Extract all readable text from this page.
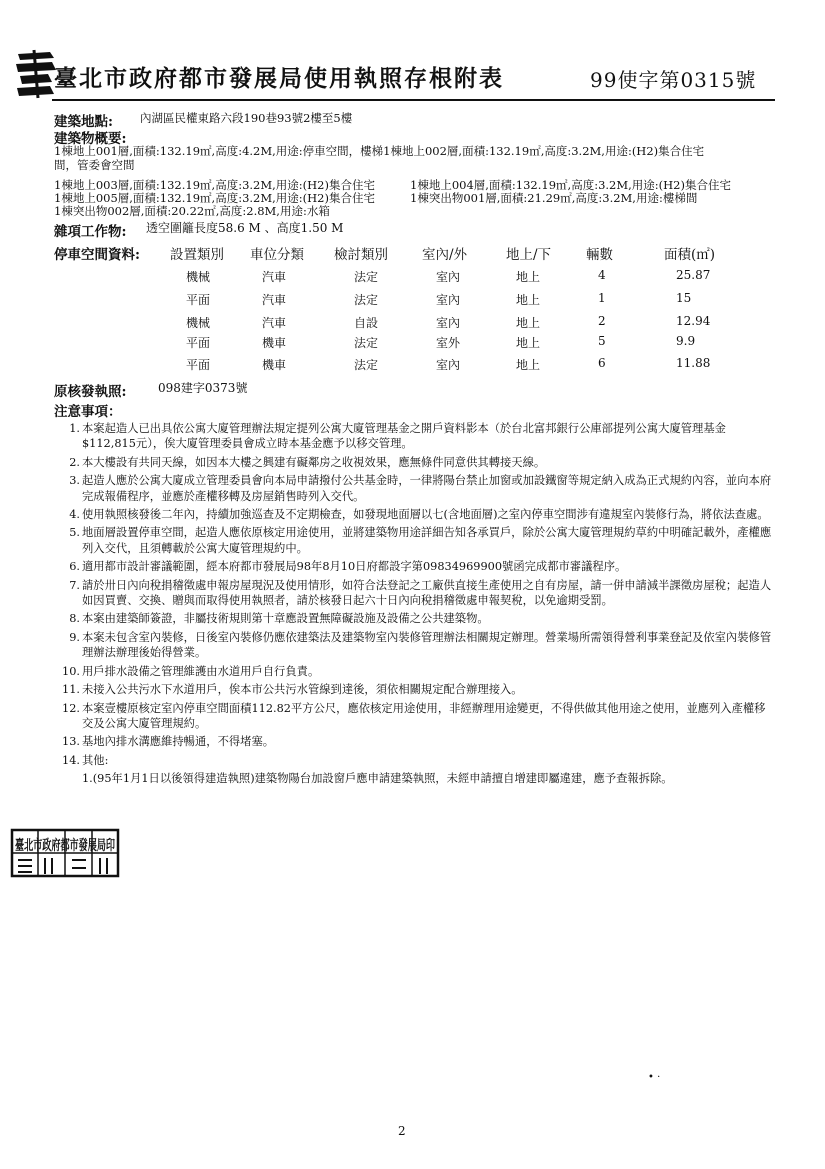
臺北市政府都市發展局使用執照存根附表	99使字第0315號
建築地點: 內湖區民權東路六段190巷93號2樓至5樓
建築物概要:
1棟地上001層,面積:132.19㎡,高度:4.2M,用途:停車空間，樓梯1棟地上002層,面積:132.19㎡,高度:3.2M,用途:(H2)集合住宅
間，管委會空間
1棟地上003層,面積:132.19㎡,高度:3.2M,用途:(H2)集合住宅	1棟地上004層,面積:132.19㎡,高度:3.2M,用途:(H2)集合住宅
1棟地上005層,面積:132.19㎡,高度:3.2M,用途:(H2)集合住宅	1棟突出物001層,面積:21.29㎡,高度:3.2M,用途:樓梯間
1棟突出物002層,面積:20.22㎡,高度:2.8M,用途:水箱
雜項工作物: 透空圍籬長度58.6 M 、高度1.50 M
停車空間資料: 設置類別 車位分類 檢討類別	室內/外	地上/下	輛數	面積(㎡)
機械	汽車	法定	室內	地上	4	25.87
平面	汽車	法定	室內	地上	1	15
機械	汽車	自設	室內	地上	2	12.94
平面	機車	法定	室外	地上	5	9.9
平面	機車	法定	室內	地上	6	11.88
原核發執照:	098建字0373號
注意事項：
1. 本案起造人已出具依公寓大廈管理辦法規定提列公寓大廈管理基金之開戶資料影本（於台北富邦銀行公庫部提列公寓大廈管理基金$112,815元），俟大廈管理委員會成立時本基金應予以移交管理。
2. 本大樓設有共同天線，如因本大樓之興建有礙鄰房之收視效果，應無條件同意供其轉接天線。
3. 起造人應於公寓大廈成立管理委員會向本局申請撥付公共基金時，一律將陽台禁止加窗或加設鐵窗等規定納入成為正式規約內容，並向本府完成報備程序，並應於產權移轉及房屋銷售時列入交代。
4. 使用執照核發後二年內，持續加強巡查及不定期檢查，如發現地面層以七(含地面層)之室內停車空間涉有違規室內裝修行為，將依法查處。
5. 地面層設置停車空間，起造人應依原核定用途使用，並將建築物用途詳細告知各承買戶，除於公寓大廈管理規約草約中明確記載外，產權應列入交代，且須轉載於公寓大廈管理規約中。
6. 適用都市設計審議範圍，經本府都市發展局98年8月10日府都設字第09834969900號函完成都市審議程序。
7. 請於卅日內向稅捐稽徵處申報房屋現況及使用情形，如符合法登記之工廠供直接生產使用之自有房屋，請一併申請減半課徵房屋稅；起造人如因買賣、交換、贈與而取得使用執照者，請於核發日起六十日內向稅捐稽徵處申報契稅，以免逾期受罰。
8. 本案由建築師簽證，非屬技術規則第十章應設置無障礙設施及設備之公共建築物。
9. 本案未包含室內裝修，日後室內裝修仍應依建築法及建築物室內裝修管理辦法相關規定辦理。營業場所需領得營利事業登記及依室內裝修管理辦法辦理後始得營業。
10. 用戶排水設備之管理維護由水道用戶自行負責。
11. 未接入公共污水下水道用戶，俟本市公共污水管線到達後，須依相關規定配合辦理接入。
12. 本案壹樓原核定室內停車空間面積112.82平方公尺，應依核定用途使用，非經辦理用途變更，不得供做其他用途之使用，並應列入產權移交及公寓大廈管理規約。
13. 基地內排水溝應維持暢通，不得堵塞。
14. 其他:
1.(95年1月1日以後領得建造執照)建築物陽台加設窗戶應申請建築執照，未經申請擅自增建即屬違建，應予查報拆除。
臺北市政府都市發展局印
• ·
2
